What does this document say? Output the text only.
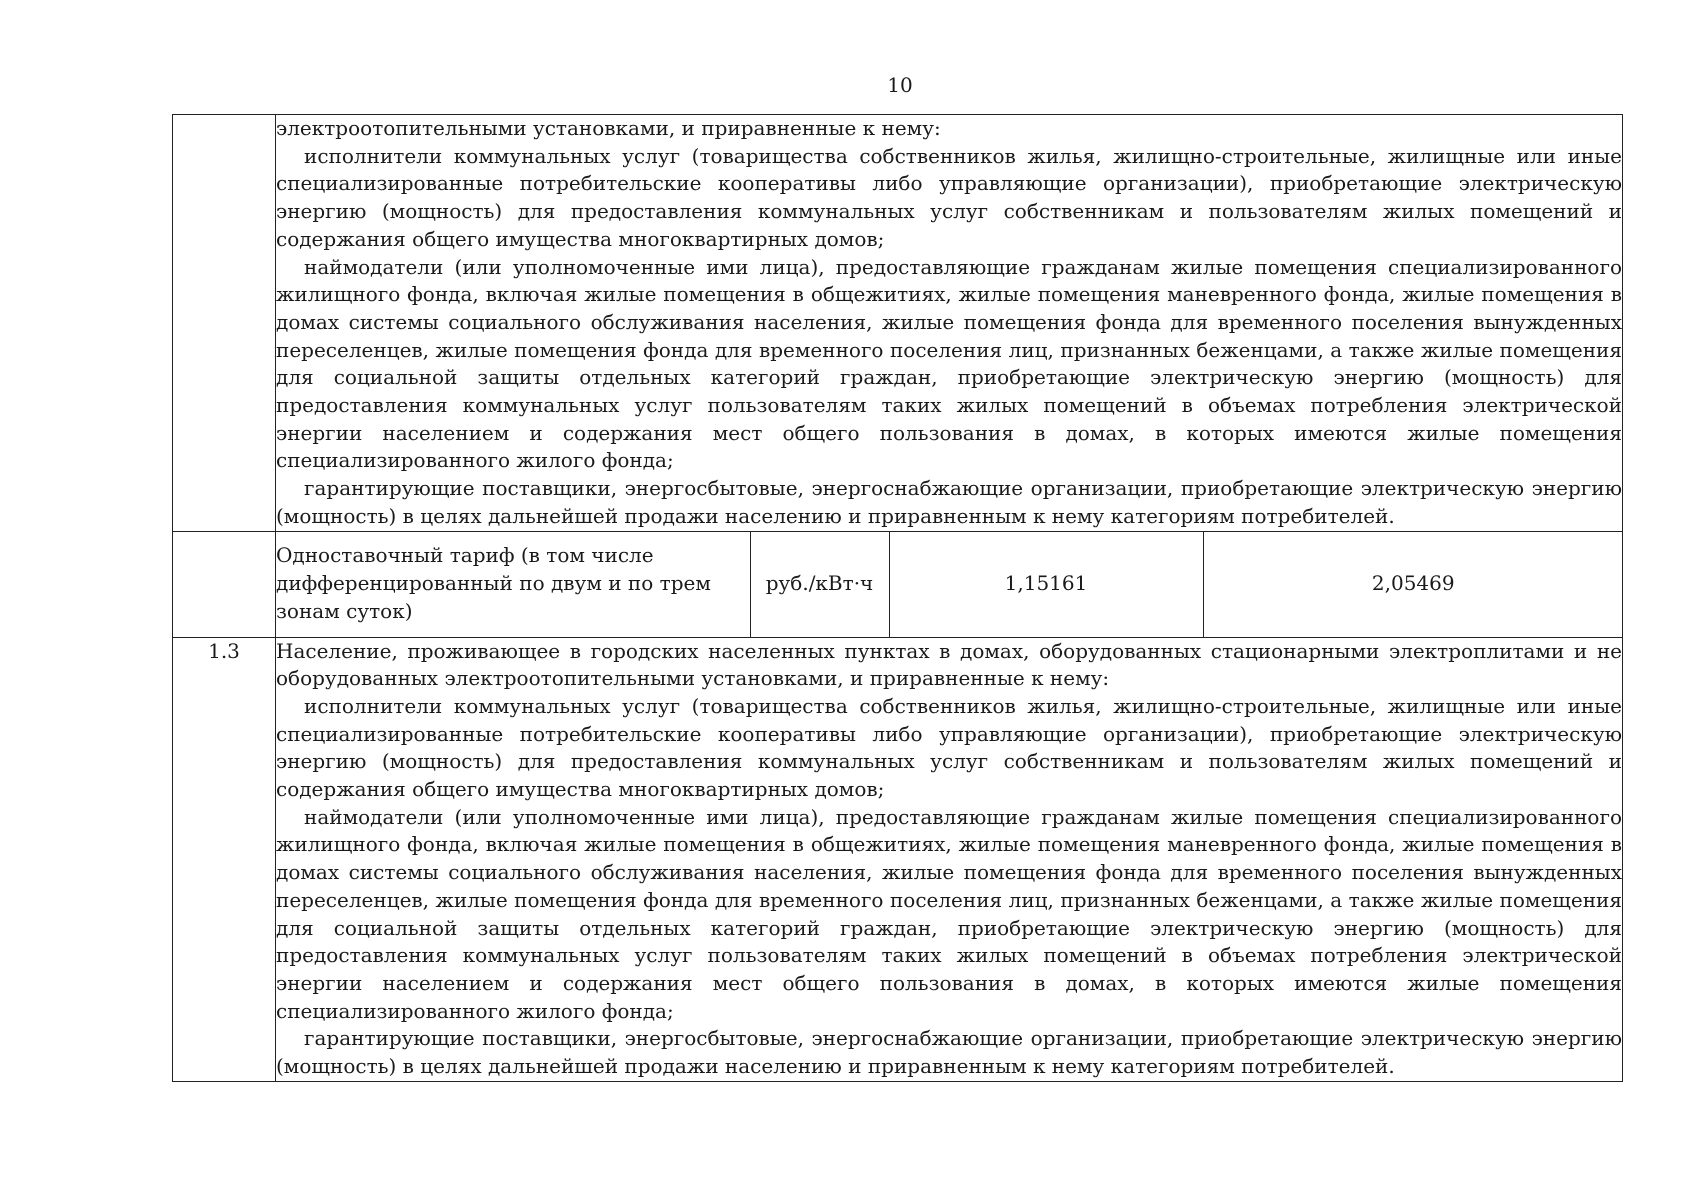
10

электроотопительными установками, и приравненные к нему:

исполнители коммунальных услуг (товарищества собственников жилья, жилищно-строительные, жилищные или иные специализированные потребительские кооперативы либо управляющие организации), приобретающие электрическую энергию (мощность) для предоставления коммунальных услуг собственникам и пользователям жилых помещений и содержания общего имущества многоквартирных домов;

наймодатели (или уполномоченные ими лица), предоставляющие гражданам жилые помещения специализированного жилищного фонда, включая жилые помещения в общежитиях, жилые помещения маневренного фонда, жилые помещения в домах системы социального обслуживания населения, жилые помещения фонда для временного поселения вынужденных переселенцев, жилые помещения фонда для временного поселения лиц, признанных беженцами, а также жилые помещения для социальной защиты отдельных категорий граждан, приобретающие электрическую энергию (мощность) для предоставления коммунальных услуг пользователям таких жилых помещений в объемах потребления электрической энергии населением и содержания мест общего пользования в домах, в которых имеются жилые помещения специализированного жилого фонда;

гарантирующие поставщики, энергосбытовые, энергоснабжающие организации, приобретающие электрическую энергию (мощность) в целях дальнейшей продажи населению и приравненным к нему категориям потребителей.

Одноставочный тариф (в том числе дифференцированный по двум и по трем зонам суток)	руб./кВт·ч	1,15161	2,05469

1.3	Население, проживающее в городских населенных пунктах в домах, оборудованных стационарными электроплитами и не оборудованных электроотопительными установками, и приравненные к нему:

исполнители коммунальных услуг (товарищества собственников жилья, жилищно-строительные, жилищные или иные специализированные потребительские кооперативы либо управляющие организации), приобретающие электрическую энергию (мощность) для предоставления коммунальных услуг собственникам и пользователям жилых помещений и содержания общего имущества многоквартирных домов;

наймодатели (или уполномоченные ими лица), предоставляющие гражданам жилые помещения специализированного жилищного фонда, включая жилые помещения в общежитиях, жилые помещения маневренного фонда, жилые помещения в домах системы социального обслуживания населения, жилые помещения фонда для временного поселения вынужденных переселенцев, жилые помещения фонда для временного поселения лиц, признанных беженцами, а также жилые помещения для социальной защиты отдельных категорий граждан, приобретающие электрическую энергию (мощность) для предоставления коммунальных услуг пользователям таких жилых помещений в объемах потребления электрической энергии населением и содержания мест общего пользования в домах, в которых имеются жилые помещения специализированного жилого фонда;

гарантирующие поставщики, энергосбытовые, энергоснабжающие организации, приобретающие электрическую энергию (мощность) в целях дальнейшей продажи населению и приравненным к нему категориям потребителей.
